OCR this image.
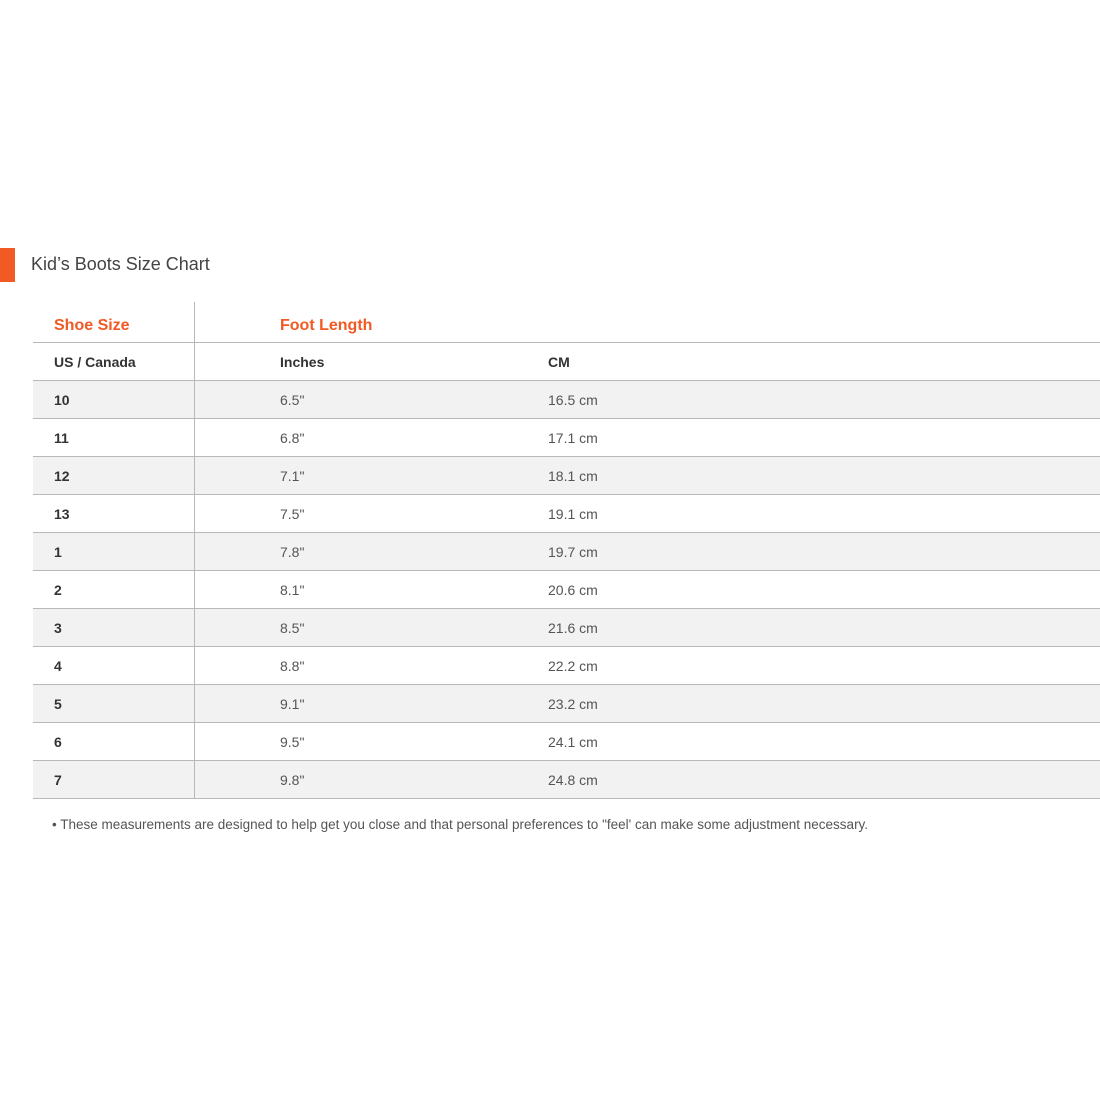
Kid’s Boots Size Chart
Shoe Size	Foot Length
US / Canada	Inches	CM
10	6.5"	16.5 cm
11	6.8"	17.1 cm
12	7.1"	18.1 cm
13	7.5"	19.1 cm
1	7.8"	19.7 cm
2	8.1"	20.6 cm
3	8.5"	21.6 cm
4	8.8"	22.2 cm
5	9.1"	23.2 cm
6	9.5"	24.1 cm
7	9.8"	24.8 cm
• These measurements are designed to help get you close and that personal preferences to "feel' can make some adjustment necessary.
